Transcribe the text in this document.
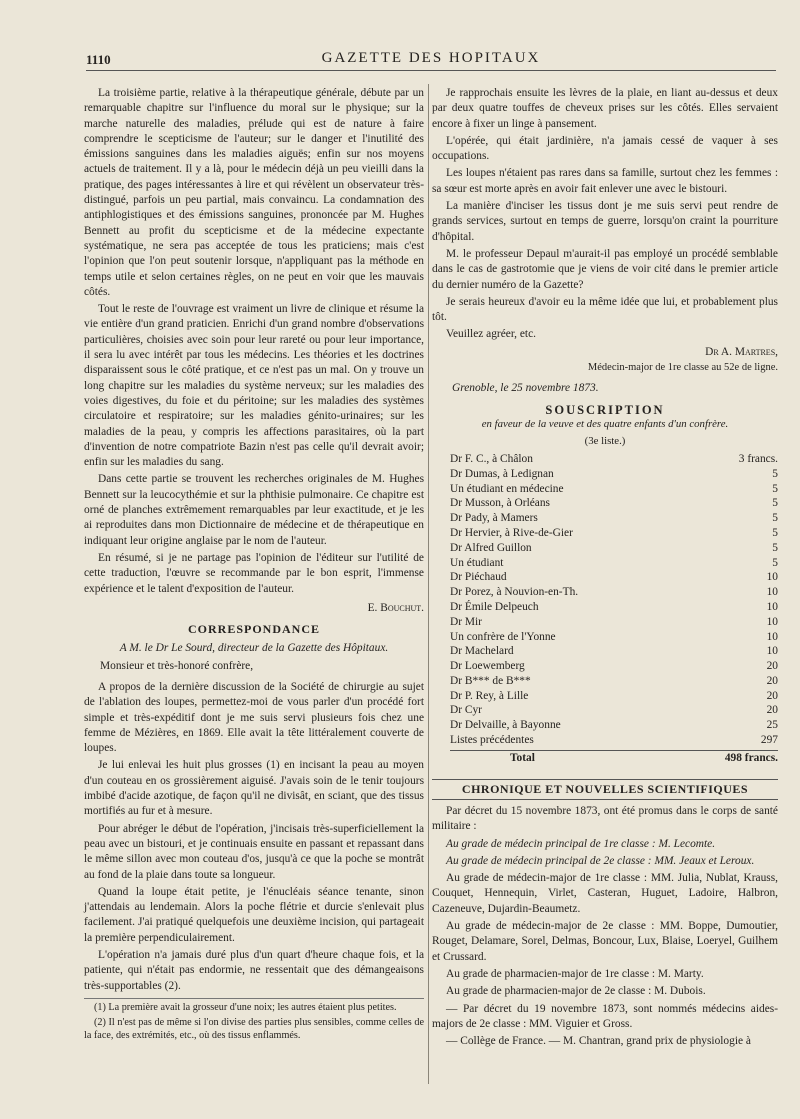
1110	GAZETTE DES HOPITAUX

La troisième partie, relative à la thérapeutique générale, débute par un remarquable chapitre sur l'influence du moral sur le physique; sur la marche naturelle des maladies, prélude qui est de nature à faire comprendre le scepticisme de l'auteur; sur le danger et l'inutilité des émissions sanguines dans les maladies aiguës; enfin sur nos moyens actuels de traitement. Il y a là, pour le médecin déjà un peu vieilli dans la pratique, des pages intéressantes à lire et qui révèlent un observateur très-distingué, parfois un peu partial, mais convaincu. La condamnation des antiphlogistiques et des émissions sanguines, prononcée par M. Hughes Bennett au profit du scepticisme et de la médecine expectante systématique, ne sera pas acceptée de tous les praticiens; mais c'est l'opinion que l'on peut soutenir lorsque, n'appliquant pas la méthode en temps utile et selon certaines règles, on ne peut en voir que les mauvais côtés.

Tout le reste de l'ouvrage est vraiment un livre de clinique et résume la vie entière d'un grand praticien. Enrichi d'un grand nombre d'observations particulières, choisies avec soin pour leur rareté ou pour leur importance, il sera lu avec intérêt par tous les médecins. Les théories et les doctrines disparaissent sous le côté pratique, et ce n'est pas un mal. On y trouve un long chapitre sur les maladies du système nerveux; sur les maladies des voies digestives, du foie et du péritoine; sur les maladies des systèmes circulatoire et respiratoire; sur les maladies génito-urinaires; sur les maladies de la peau, y compris les affections parasitaires, où la part d'invention de notre compatriote Bazin n'est pas celle qu'il devrait avoir; enfin sur les maladies du sang.

Dans cette partie se trouvent les recherches originales de M. Hughes Bennett sur la leucocythémie et sur la phthisie pulmonaire. Ce chapitre est orné de planches extrêmement remarquables par leur exactitude, et je les ai reproduites dans mon Dictionnaire de médecine et de thérapeutique en indiquant leur origine anglaise par le nom de l'auteur.

En résumé, si je ne partage pas l'opinion de l'éditeur sur l'utilité de cette traduction, l'œuvre se recommande par le bon esprit, l'immense expérience et le talent d'exposition de l'auteur.

E. Bouchut.
CORRESPONDANCE

A M. le Dr Le Sourd, directeur de la Gazette des Hôpitaux.

Monsieur et très-honoré confrère,

A propos de la dernière discussion de la Société de chirurgie au sujet de l'ablation des loupes, permettez-moi de vous parler d'un procédé fort simple et très-expéditif dont je me suis servi plusieurs fois chez une femme de Mézières, en 1869. Elle avait la tête littéralement couverte de loupes.

Je lui enlevai les huit plus grosses (1) en incisant la peau au moyen d'un couteau en os grossièrement aiguisé. J'avais soin de le tenir toujours imbibé d'acide azotique, de façon qu'il ne divisât, en sciant, que des tissus mortifiés au fur et à mesure.

Pour abréger le début de l'opération, j'incisais très-superficiellement la peau avec un bistouri, et je continuais ensuite en passant et repassant dans le même sillon avec mon couteau d'os, jusqu'à ce que la poche se montrât au fond de la plaie dans toute sa longueur.

Quand la loupe était petite, je l'énucléais séance tenante, sinon j'attendais au lendemain. Alors la poche flétrie et durcie s'enlevait plus facilement. J'ai pratiqué quelquefois une deuxième incision, qui partageait la première perpendiculairement.

L'opération n'a jamais duré plus d'un quart d'heure chaque fois, et la patiente, qui n'était pas endormie, ne ressentait que des démangeaisons très-supportables (2).

(1) La première avait la grosseur d'une noix; les autres étaient plus petites.

(2) Il n'est pas de même si l'on divise des parties plus sensibles, comme celles de la face, des extrémités, etc., où des tissus enflammés.

Je rapprochais ensuite les lèvres de la plaie, en liant au-dessus et deux par deux quatre touffes de cheveux prises sur les côtés. Elles servaient encore à fixer un linge à pansement.

L'opérée, qui était jardinière, n'a jamais cessé de vaquer à ses occupations.

Les loupes n'étaient pas rares dans sa famille, surtout chez les femmes : sa sœur est morte après en avoir fait enlever une avec le bistouri.

La manière d'inciser les tissus dont je me suis servi peut rendre de grands services, surtout en temps de guerre, lorsqu'on craint la pourriture d'hôpital.

M. le professeur Depaul m'aurait-il pas employé un procédé semblable dans le cas de gastrotomie que je viens de voir cité dans le premier article du dernier numéro de la Gazette?

Je serais heureux d'avoir eu la même idée que lui, et probablement plus tôt.

Veuillez agréer, etc.

Dr A. Martres,
Médecin-major de 1re classe au 52e de ligne.
Grenoble, le 25 novembre 1873.
SOUSCRIPTION
en faveur de la veuve et des quatre enfants d'un confrère.
(3e liste.)
Dr F. C., à Châlon	3 francs.
Dr Dumas, à Ledignan	5
Un étudiant en médecine	5
Dr Musson, à Orléans	5
Dr Pady, à Mamers	5
Dr Hervier, à Rive-de-Gier	5
Dr Alfred Guillon	5
Un étudiant	5
Dr Piéchaud	10
Dr Porez, à Nouvion-en-Th.	10
Dr Émile Delpeuch	10
Dr Mir	10
Un confrère de l'Yonne	10
Dr Machelard	10
Dr Loewemberg	20
Dr B*** de B***	20
Dr P. Rey, à Lille	20
Dr Cyr	20
Dr Delvaille, à Bayonne	25
Listes précédentes	297
Total	498 francs.
CHRONIQUE ET NOUVELLES SCIENTIFIQUES

Par décret du 15 novembre 1873, ont été promus dans le corps de santé militaire :

Au grade de médecin principal de 1re classe : M. Lecomte.

Au grade de médecin principal de 2e classe : MM. Jeaux et Leroux.

Au grade de médecin-major de 1re classe : MM. Julia, Nublat, Krauss, Couquet, Hennequin, Virlet, Casteran, Huguet, Ladoire, Halbron, Cazeneuve, Dujardin-Beaumetz.

Au grade de médecin-major de 2e classe : MM. Boppe, Dumoutier, Rouget, Delamare, Sorel, Delmas, Boncour, Lux, Blaise, Loeryel, Guilhem et Crussard.

Au grade de pharmacien-major de 1re classe : M. Marty.

Au grade de pharmacien-major de 2e classe : M. Dubois.

— Par décret du 19 novembre 1873, sont nommés médecins aides-majors de 2e classe : MM. Viguier et Gross.

— Collège de France. — M. Chantran, grand prix de physiologie à
